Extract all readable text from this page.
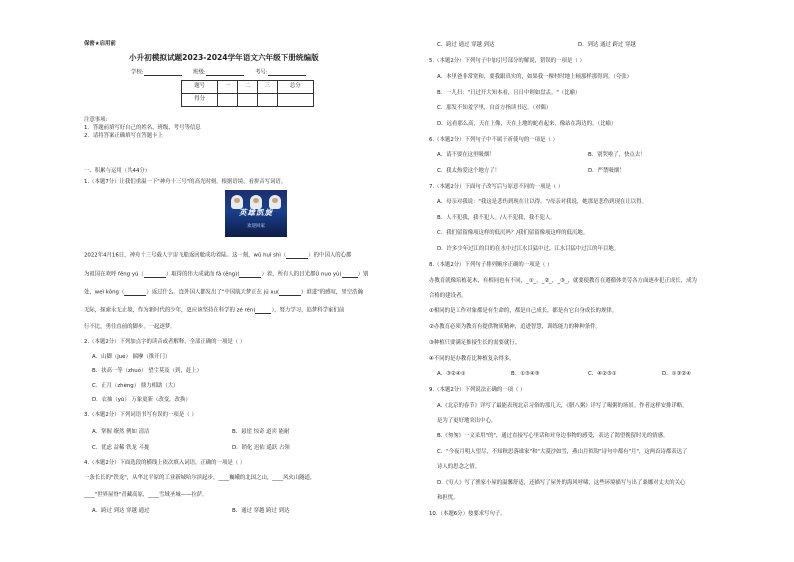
保密★启用前
小升初模拟试题2023-2024学年语文六年级下册统编版
学校:	班级:	考号:
题号	一	二	三	总分
得分				
注意事项:
1．答题前填写好自己的姓名、班级、考号等信息
2．请将答案正确填写在答题卡上
一、积累与运用（共44分）
1.（本题7分）让我们重温一下"神舟十三号"的高光时刻，根据语境，看拼音写词语。
英雄凯旋
欢迎回家
2022年4月16日，神舟十三号载人宇宙飞船返回舱成功着陆。这一刻，wǔ huì shì（	）的中国人的心都
为祖国在欢呼 fēng yú（	）取得的伟大成就而 fā (ēng)(	）着，所有人的目光都Ú nuo yù(	）别
处，weì kōng（	）返过什么。连外国人都发出了"中国航天梦正在 jū xu(	）谁进"的感叹，里空浩瀚
无际，探索永无止境，作为新时代的少年，更应该坚持在科学的 zé rèn(	），努力学习，追梦科学家们前
行不比，勇往直前的脚步，一起逐梦。
2.（本题2分）下列加点字的读音或者解释，全部正确的一项是（ ）
A．山脚（jué） 揣摩（推开门）
B．扶高一等（zhuó） 望尘莫及（到，赶上）
C．正月（zhèng） 鼎力相助（大）
D．衣抽（yù） 万象更新（改变，改换）
3.（本题2分）下列词语书写有误的一项是（ ）
A．掌握 缭然 例如 清洁	B．悬崖 惊奇 道宾 能耐
C．优虑 益稀 铁龙 斗拢	D．销化 迟佑 遥跃 占领
4.（本题2分）下面选段的横线上依次填入词语，正确的一项是（ ）
一条长长的"铁龙"，从华北平原的工业新城哈尔滨起步，____巍峨的北国之山，____风火山隧道，
____"世界屋脊"青藏高原，____雪域圣城——拉萨。
A．跨过 到达 穿越 通过	B．通过 穿越 跨过 到达
C．跨过 通过 穿越 到达	D．到达 通过 跨过 穿越
5.（本题2分）下列句子中加引号部分的解说，错误的一项是（ ）
A．本里爸非常宽和，要我跟真实的，如果我一棵村时地上顿那样那得到。（夸张）
B．一儿扫："日过开大知本看，且日中则如盘盂。"（比喻）
C．那发不知羞学里，自首方指读书迟。（对偶）
D．远看那么高，天在上像，天在上地的蛇看起来，像站在海边的。（比喻）
6.（本题2分）下列句子中不属于祈使句的一项是（ ）
A．请不要在这里吸烟！	B．别哭啦了，快点去！
C．我太热爱这个地方了！	D．严禁吸烟！
7.（本题2分）下面句子改写后与原意不同的一项是（ ）
A．母亲对我说："我这是悲伤到现在让以得。"/母亲对我说，她那是悲伤到现在让以得。
B．人不犯我，我不犯人。/人不犯我，我不犯人。
C．我们留留像项这样的低沉吗？/我们留留像项这样的低沉地。
D．许多少年过江的目的在水中过江水目猛中过，江水目猛中过江的年目地。
8.（本题2分）下列句子排列顺序正确的一项是（ ）
办教育就像培植花木，有相同也有不同，_①_，_②_，_③_，就要使教育在遵循体美劳各方面逐步犯正成长，成为
合格的建设者。
①相同的是工作对象都是有生命的，都是自己成长，都是有它自身成长的规律。
②办教育必须为教育有提供物质精神，追进智慧，训练能力的种种条件。
③种植只要满足推接生长的需要就行。
④不同的是办教育比种植复杂得多。
A．③②④①	B．①③④③	C．④②③①	D．①③②④
9.（本题2分）下列说法正确的一项（ ）
A.《北京的春节》详写了最能表现北京习俗的那几天，《腊八粥》详写了喝粥的场景。作者这样安排详略，
是为了更好地突出中心。
B.《匆匆》一文采用"的"，通过直接写心里话和对身边事物的感受，表达了渴望挽留时光的情感。
C．"今夜月明人望尽，不知秋思落谁家"和"大漠沙如雪，燕山月似钩"诗句中都有"月"，这两首诗都表达了
诗人的思念之情。
D.《穷人》写了渔家小屋的温馨舒适，还描写了屋外的海风呼啸，这些环境描写与出了桑娜对丈夫的关心
和担忧。
10.（本题6分）按要求写句子。
